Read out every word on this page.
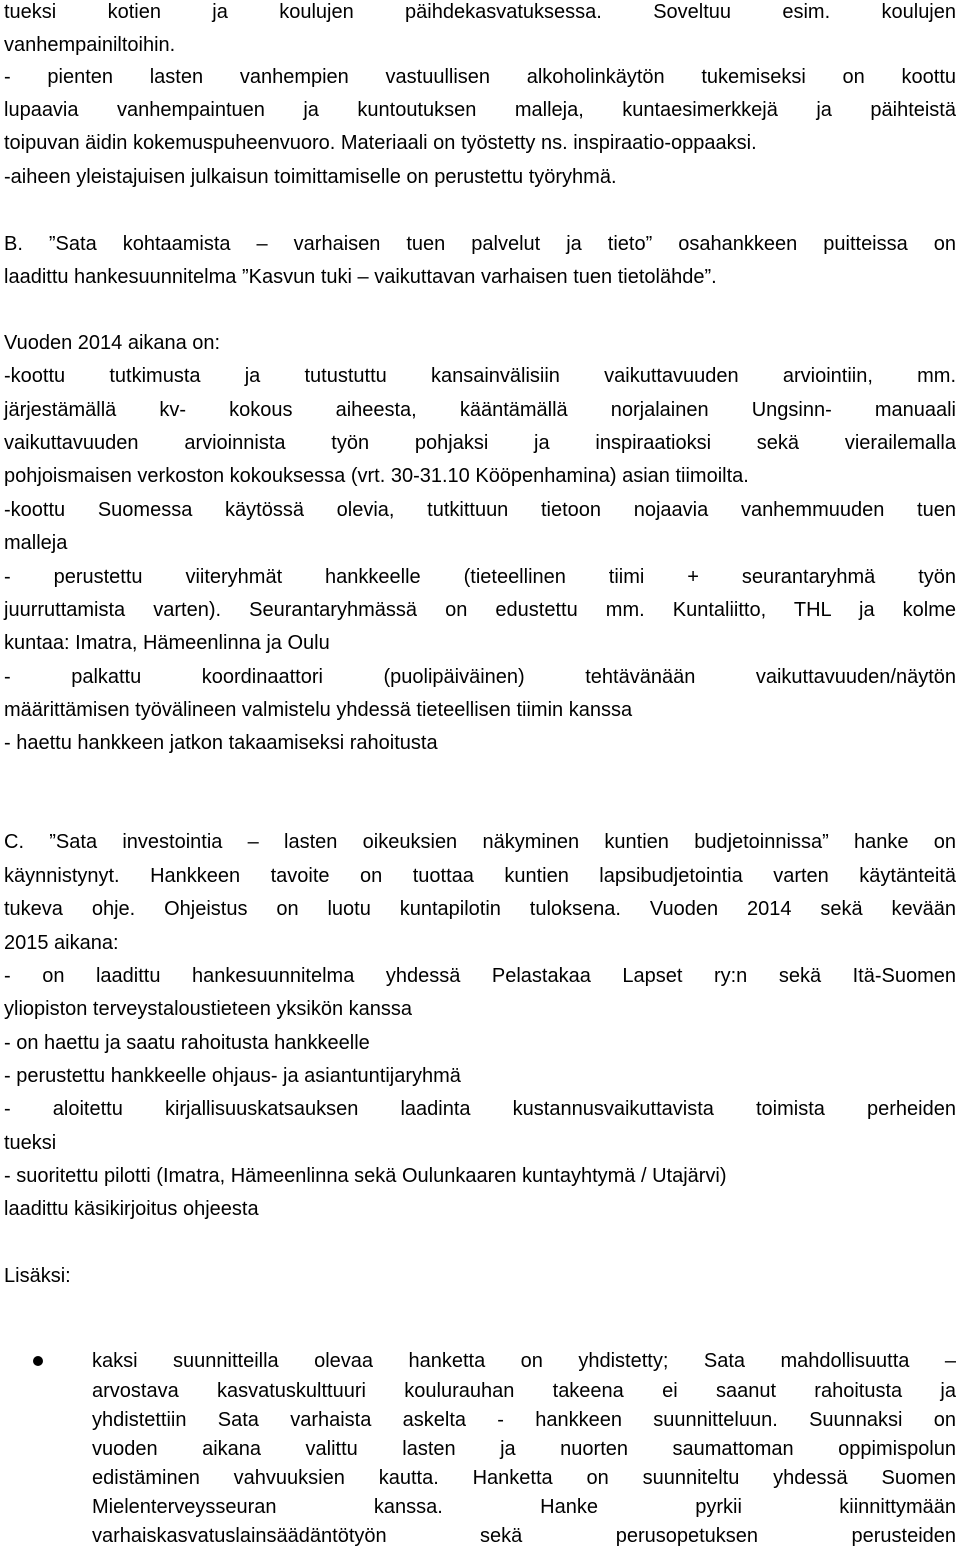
tueksi kotien ja koulujen päihdekasvatuksessa. Soveltuu esim. koulujen
vanhempainiltoihin.
- pienten lasten vanhempien vastuullisen alkoholinkäytön tukemiseksi on koottu
lupaavia vanhempaintuen ja kuntoutuksen malleja, kuntaesimerkkejä ja päihteistä
toipuvan äidin kokemuspuheenvuoro. Materiaali on työstetty ns. inspiraatio-oppaaksi.
-aiheen yleistajuisen julkaisun toimittamiselle on perustettu työryhmä.
B. ”Sata kohtaamista – varhaisen tuen palvelut ja tieto” osahankkeen puitteissa on
laadittu hankesuunnitelma ”Kasvun tuki – vaikuttavan varhaisen tuen tietolähde”.
Vuoden 2014 aikana on:
-koottu tutkimusta ja tutustuttu kansainvälisiin vaikuttavuuden arviointiin, mm.
järjestämällä kv- kokous aiheesta, kääntämällä norjalainen Ungsinn- manuaali
vaikuttavuuden arvioinnista työn pohjaksi ja inspiraatioksi sekä vierailemalla
pohjoismaisen verkoston kokouksessa (vrt. 30-31.10 Kööpenhamina) asian tiimoilta.
-koottu Suomessa käytössä olevia, tutkittuun tietoon nojaavia vanhemmuuden tuen
malleja
- perustettu viiteryhmät hankkeelle (tieteellinen tiimi + seurantaryhmä työn
juurruttamista varten). Seurantaryhmässä on edustettu mm. Kuntaliitto, THL ja kolme
kuntaa: Imatra, Hämeenlinna ja Oulu
- palkattu koordinaattori (puolipäiväinen) tehtävänään vaikuttavuuden/näytön
määrittämisen työvälineen valmistelu yhdessä tieteellisen tiimin kanssa
- haettu hankkeen jatkon takaamiseksi rahoitusta
C. ”Sata investointia – lasten oikeuksien näkyminen kuntien budjetoinnissa” hanke on
käynnistynyt. Hankkeen tavoite on tuottaa kuntien lapsibudjetointia varten käytänteitä
tukeva ohje. Ohjeistus on luotu kuntapilotin tuloksena. Vuoden 2014 sekä kevään
2015 aikana:
- on laadittu hankesuunnitelma yhdessä Pelastakaa Lapset ry:n sekä Itä-Suomen
yliopiston terveystaloustieteen yksikön kanssa
- on haettu ja saatu rahoitusta hankkeelle
- perustettu hankkeelle ohjaus- ja asiantuntijaryhmä
- aloitettu kirjallisuuskatsauksen laadinta kustannusvaikuttavista toimista perheiden
tueksi
- suoritettu pilotti (Imatra, Hämeenlinna sekä Oulunkaaren kuntayhtymä / Utajärvi)
laadittu käsikirjoitus ohjeesta
Lisäksi:
kaksi suunnitteilla olevaa hanketta on yhdistetty; Sata mahdollisuutta –
arvostava kasvatuskulttuuri koulurauhan takeena ei saanut rahoitusta ja
yhdistettiin Sata varhaista askelta - hankkeen suunnitteluun. Suunnaksi on
vuoden aikana valittu lasten ja nuorten saumattoman oppimispolun
edistäminen vahvuuksien kautta. Hanketta on suunniteltu yhdessä Suomen
Mielenterveysseuran kanssa. Hanke pyrkii kiinnittymään
varhaiskasvatuslainsäädäntötyön sekä perusopetuksen perusteiden
